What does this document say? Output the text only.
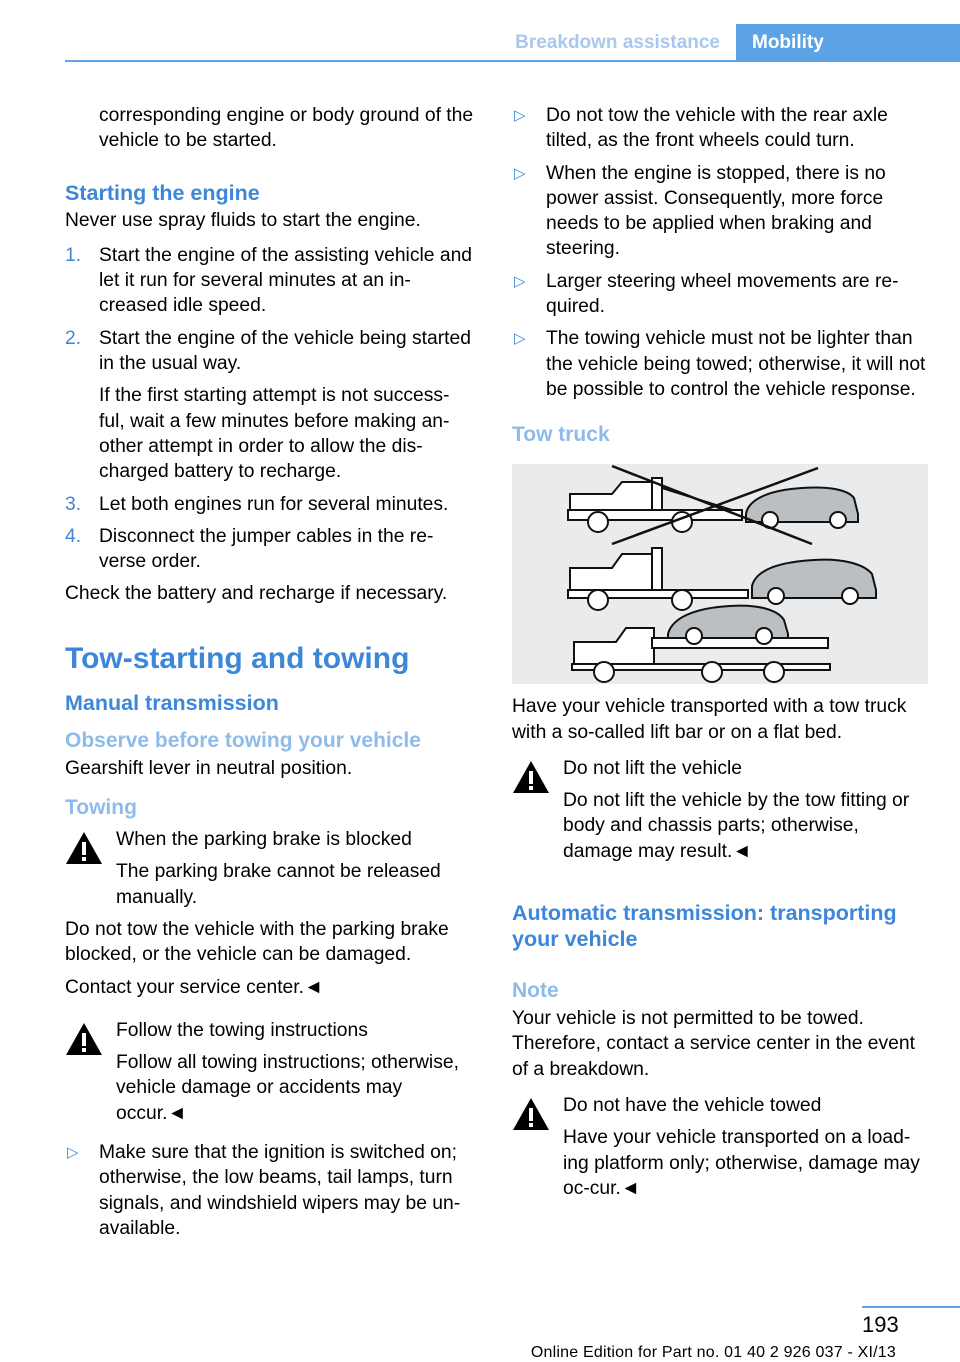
Breakdown assistance	Mobility

corresponding engine or body ground of the vehicle to be started.

Starting the engine

Never use spray fluids to start the engine.

1. Start the engine of the assisting vehicle and let it run for several minutes at an in-creased idle speed.

2. Start the engine of the vehicle being started in the usual way.

If the first starting attempt is not success-ful, wait a few minutes before making an-other attempt in order to allow the dis-charged battery to recharge.

3. Let both engines run for several minutes.

4. Disconnect the jumper cables in the re-verse order.

Check the battery and recharge if necessary.

Tow-starting and towing
Manual transmission
Observe before towing your vehicle

Gearshift lever in neutral position.

Towing

When the parking brake is blocked

The parking brake cannot be released manually.

Do not tow the vehicle with the parking brake blocked, or the vehicle can be damaged.

Contact your service center.◄

Follow the towing instructions

Follow all towing instructions; otherwise, vehicle damage or accidents may occur.◄

▷ Make sure that the ignition is switched on; otherwise, the low beams, tail lamps, turn signals, and windshield wipers may be un-available.

▷ Do not tow the vehicle with the rear axle tilted, as the front wheels could turn.

▷ When the engine is stopped, there is no power assist. Consequently, more force needs to be applied when braking and steering.

▷ Larger steering wheel movements are re-quired.

▷ The towing vehicle must not be lighter than the vehicle being towed; otherwise, it will not be possible to control the vehicle response.

Tow truck

Have your vehicle transported with a tow truck with a so-called lift bar or on a flat bed.

Do not lift the vehicle

Do not lift the vehicle by the tow fitting or body and chassis parts; otherwise, damage may result.◄

Automatic transmission: transporting your vehicle
Note

Your vehicle is not permitted to be towed. Therefore, contact a service center in the event of a breakdown.

Do not have the vehicle towed

Have your vehicle transported on a load-ing platform only; otherwise, damage may oc-cur.◄

193
Online Edition for Part no. 01 40 2 926 037 - XI/13
